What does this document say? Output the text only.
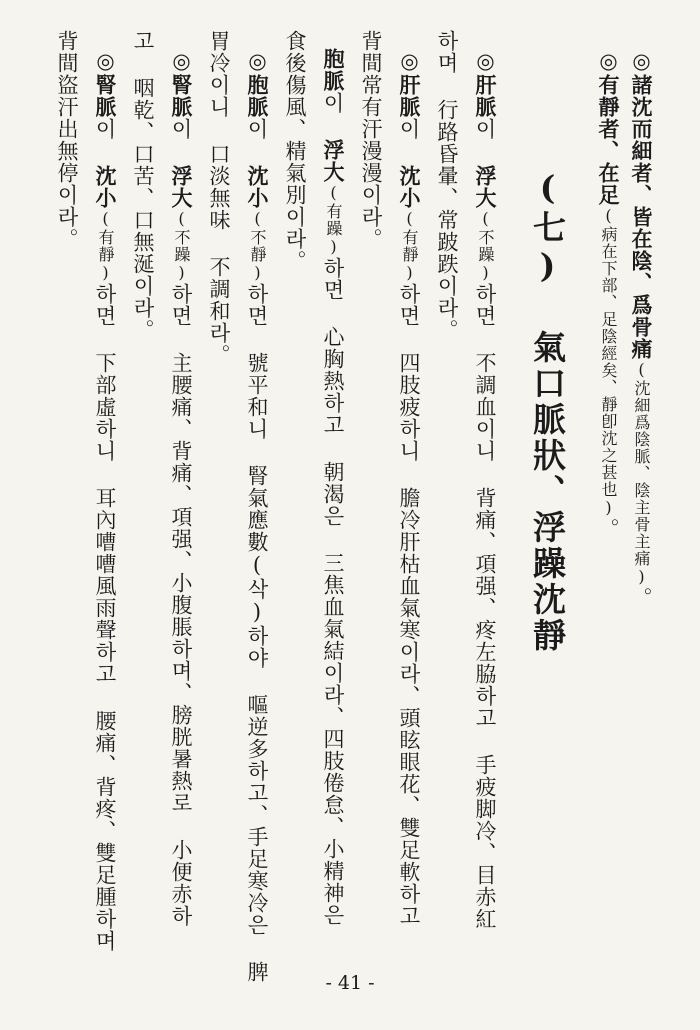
(七) 氣口脈狀、浮躁沈靜
◎諸沈而細者、皆在陰、爲骨痛(沈細爲陰脈、陰主骨主痛)。
◎有靜者、在足(病在下部、足陰經矣、靜卽沈之甚也)。
◎肝脈이 浮大(不躁)하면 不調血이니 背痛、項强、疼左脇하고 手疲脚冷、目赤紅
하며 行路昏暈、常跛跌이라。
◎肝脈이 沈小(有靜)하면 四肢疲하니 膽冷肝枯血氣寒이라、頭眩眼花、雙足軟하고
背間常有汗漫漫이라。
胞脈이 浮大(有躁)하면 心胸熱하고 朝渴은 三焦血氣結이라、四肢倦怠、小精神은
食後傷風、精氣別이라。
◎胞脈이 沈小(不靜)하면 號平和니 腎氣應數(삭)하야 嘔逆多하고、手足寒冷은 脾
胃冷이니 口淡無味 不調和라。
◎腎脈이 浮大(不躁)하면 主腰痛、背痛、項强、小腹脹하며、膀胱暑熱로 小便赤하
고 咽乾、口苦、口無涎이라。
◎腎脈이 沈小(有靜)하면 下部虛하니 耳內嘈嘈風雨聲하고 腰痛、背疼、雙足腫하며
背間盜汗出無停이라。
- 41 -
